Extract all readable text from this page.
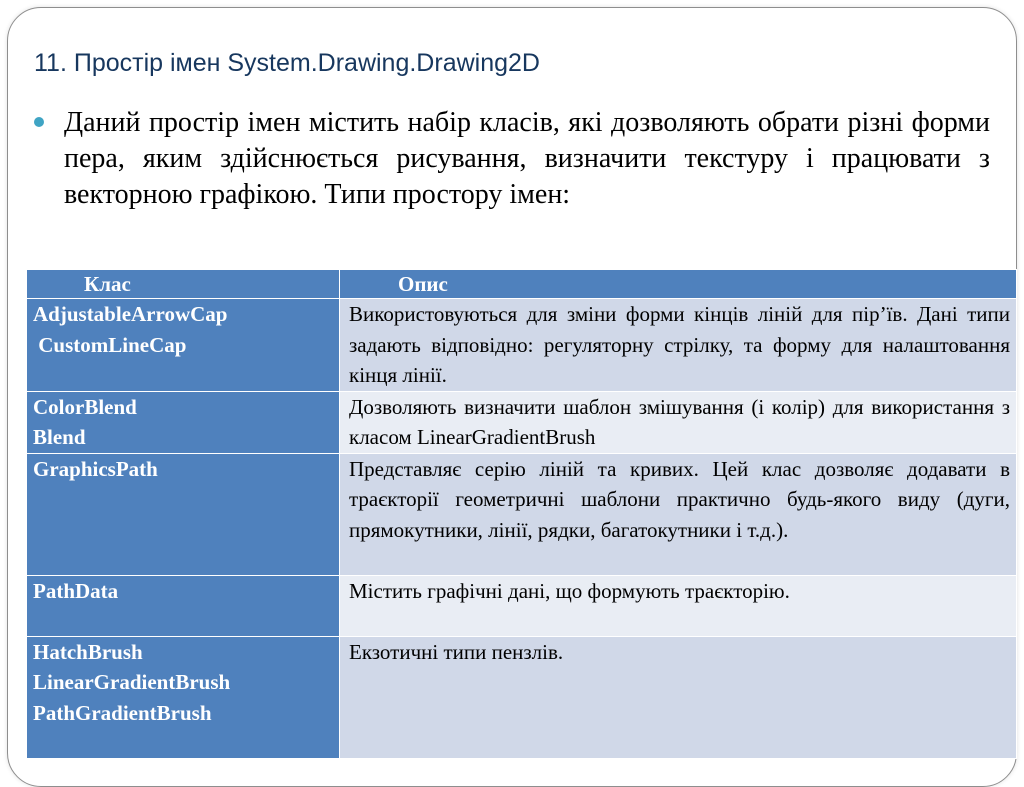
11. Простір імен System.Drawing.Drawing2D

Даний простір імен містить набір класів, які дозволяють обрати різні форми пера, яким здійснюється рисування, визначити текстуру і працювати з векторною графікою. Типи простору імен:

Клас	Опис

AdjustableArrowCap
CustomLineCap	Використовуються для зміни форми кінців ліній для пір’їв. Дані типи задають відповідно: регуляторну стрілку, та форму для налаштовання кінця лінії.

ColorBlend
Blend	Дозволяють визначити шаблон змішування (і колір) для використання з класом LinearGradientBrush

GraphicsPath	Представляє серію ліній та кривих. Цей клас дозволяє додавати в траєкторії геометричні шаблони практично будь-якого виду (дуги, прямокутники, лінії, рядки, багатокутники і т.д.).

PathData	Містить графічні дані, що формують траєкторію.

HatchBrush
LinearGradientBrush
PathGradientBrush	Екзотичні типи пензлів.
